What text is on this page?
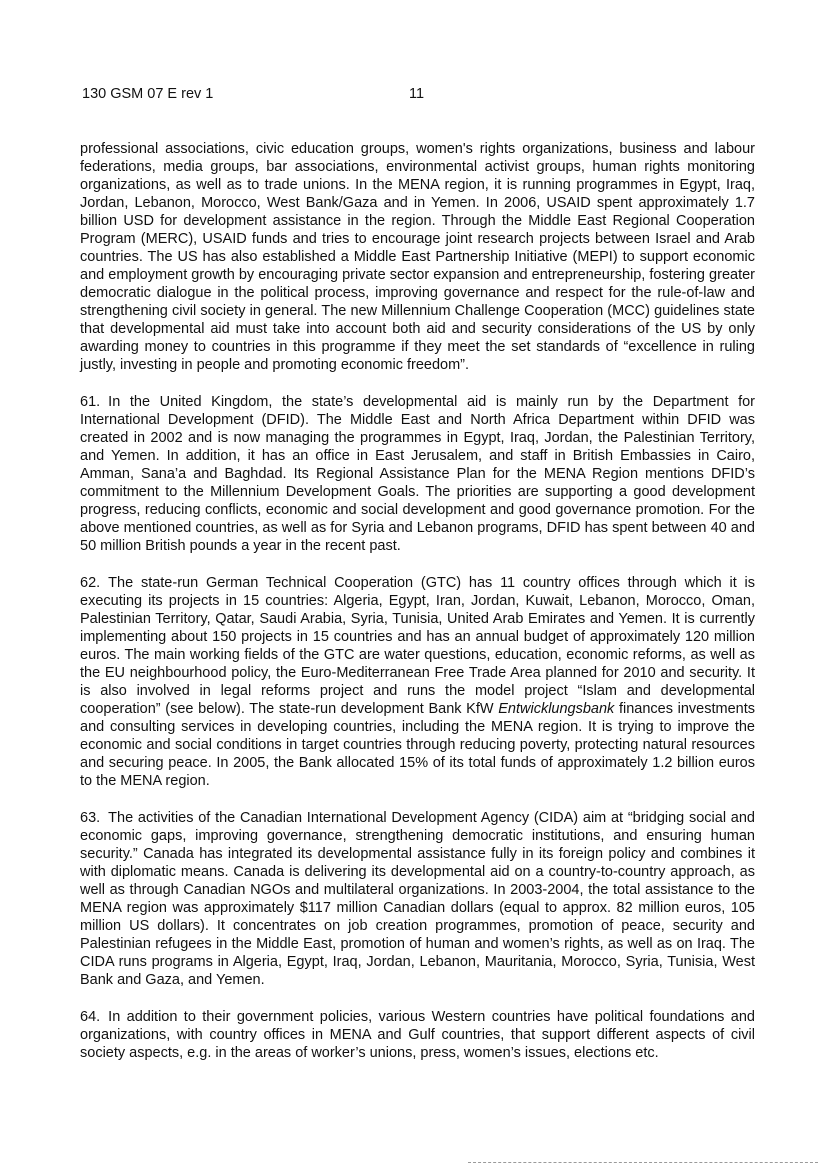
130 GSM 07 E rev 1	11

professional associations, civic education groups, women's rights organizations, business and labour federations, media groups, bar associations, environmental activist groups, human rights monitoring organizations, as well as to trade unions. In the MENA region, it is running programmes in Egypt, Iraq, Jordan, Lebanon, Morocco, West Bank/Gaza and in Yemen. In 2006, USAID spent approximately 1.7 billion USD for development assistance in the region. Through the Middle East Regional Cooperation Program (MERC), USAID funds and tries to encourage joint research projects between Israel and Arab countries. The US has also established a Middle East Partnership Initiative (MEPI) to support economic and employment growth by encouraging private sector expansion and entrepreneurship, fostering greater democratic dialogue in the political process, improving governance and respect for the rule-of-law and strengthening civil society in general. The new Millennium Challenge Cooperation (MCC) guidelines state that developmental aid must take into account both aid and security considerations of the US by only awarding money to countries in this programme if they meet the set standards of “excellence in ruling justly, investing in people and promoting economic freedom”.

61. In the United Kingdom, the state’s developmental aid is mainly run by the Department for International Development (DFID). The Middle East and North Africa Department within DFID was created in 2002 and is now managing the programmes in Egypt, Iraq, Jordan, the Palestinian Territory, and Yemen. In addition, it has an office in East Jerusalem, and staff in British Embassies in Cairo, Amman, Sana’a and Baghdad. Its Regional Assistance Plan for the MENA Region mentions DFID’s commitment to the Millennium Development Goals. The priorities are supporting a good development progress, reducing conflicts, economic and social development and good governance promotion. For the above mentioned countries, as well as for Syria and Lebanon programs, DFID has spent between 40 and 50 million British pounds a year in the recent past.

62. The state-run German Technical Cooperation (GTC) has 11 country offices through which it is executing its projects in 15 countries: Algeria, Egypt, Iran, Jordan, Kuwait, Lebanon, Morocco, Oman, Palestinian Territory, Qatar, Saudi Arabia, Syria, Tunisia, United Arab Emirates and Yemen. It is currently implementing about 150 projects in 15 countries and has an annual budget of approximately 120 million euros. The main working fields of the GTC are water questions, education, economic reforms, as well as the EU neighbourhood policy, the Euro-Mediterranean Free Trade Area planned for 2010 and security. It is also involved in legal reforms project and runs the model project “Islam and developmental cooperation” (see below). The state-run development Bank KfW Entwicklungsbank finances investments and consulting services in developing countries, including the MENA region. It is trying to improve the economic and social conditions in target countries through reducing poverty, protecting natural resources and securing peace. In 2005, the Bank allocated 15% of its total funds of approximately 1.2 billion euros to the MENA region.

63. The activities of the Canadian International Development Agency (CIDA) aim at “bridging social and economic gaps, improving governance, strengthening democratic institutions, and ensuring human security.” Canada has integrated its developmental assistance fully in its foreign policy and combines it with diplomatic means. Canada is delivering its developmental aid on a country-to-country approach, as well as through Canadian NGOs and multilateral organizations. In 2003-2004, the total assistance to the MENA region was approximately $117 million Canadian dollars (equal to approx. 82 million euros, 105 million US dollars). It concentrates on job creation programmes, promotion of peace, security and Palestinian refugees in the Middle East, promotion of human and women’s rights, as well as on Iraq. The CIDA runs programs in Algeria, Egypt, Iraq, Jordan, Lebanon, Mauritania, Morocco, Syria, Tunisia, West Bank and Gaza, and Yemen.

64. In addition to their government policies, various Western countries have political foundations and organizations, with country offices in MENA and Gulf countries, that support different aspects of civil society aspects, e.g. in the areas of worker’s unions, press, women’s issues, elections etc.
